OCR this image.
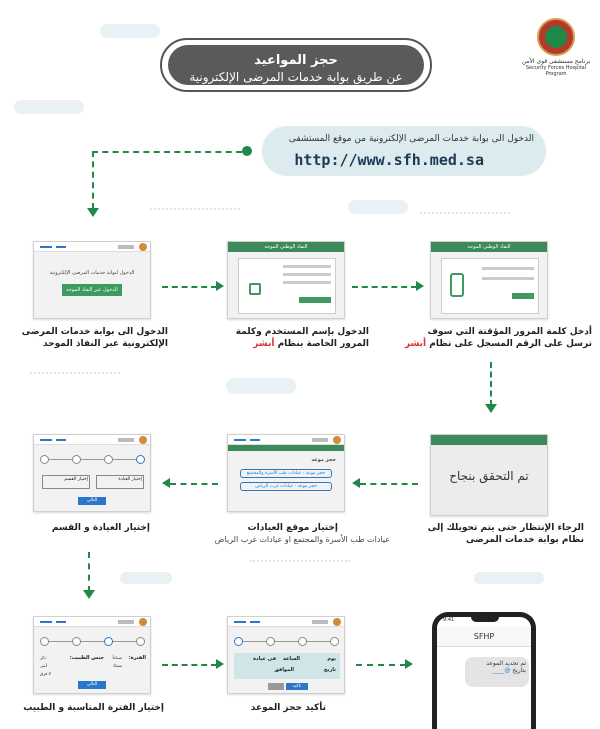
برنامج مستشفى قوى الأمن
Security Forces Hospital Program
حجز المواعيد
عن طريق بوابة خدمات المرضى الإلكترونية
الدخول الى بوابة خدمات المرضى الإلكترونية من موقع المستشفى
http://www.sfh.med.sa
الدخول لبوابة خدمات المرضى الإلكترونية
الدخول عبر النفاذ الموحد
الدخول الى بوابة خدمات المرضى الإلكترونية عبر النفاذ الموحد
النفاذ الوطني الموحد
الدخول بإسم المستخدم وكلمة المرور الخاصة بنظام أبشر
النفاذ الوطني الموحد
أدخل كلمة المرور المؤقتة التي سوف ترسل على الرقم المسجل على نظام أبشر
تم التحقق بنجاح
الرجاء الإنتظار حتى يتم تحويلك إلى نظام بوابة خدمات المرضى
حجز موعد
حجز موعد - عيادات طب الأسرة والمجتمع
حجز موعد - عيادات غرب الرياض
إختيار موقع العيادات
عيادات طب الأسرة والمجتمع او عيادات غرب الرياض
إختيار العيادة
إختيار القسم
التالي
إختيار العيادة و القسم
الفترة:
صباحاً
مساءً
جنس الطبيب:
ذكر
أنثى
لا فرق
التالي
إختيار الفترة المناسبة و الطبيب
يوم
الساعة
في عيادة
تاريخ
الموافق
تأكيد
تأكيد حجز الموعد
9:41
SFHP
تم تحديد الموعد
بتاريخ @____
